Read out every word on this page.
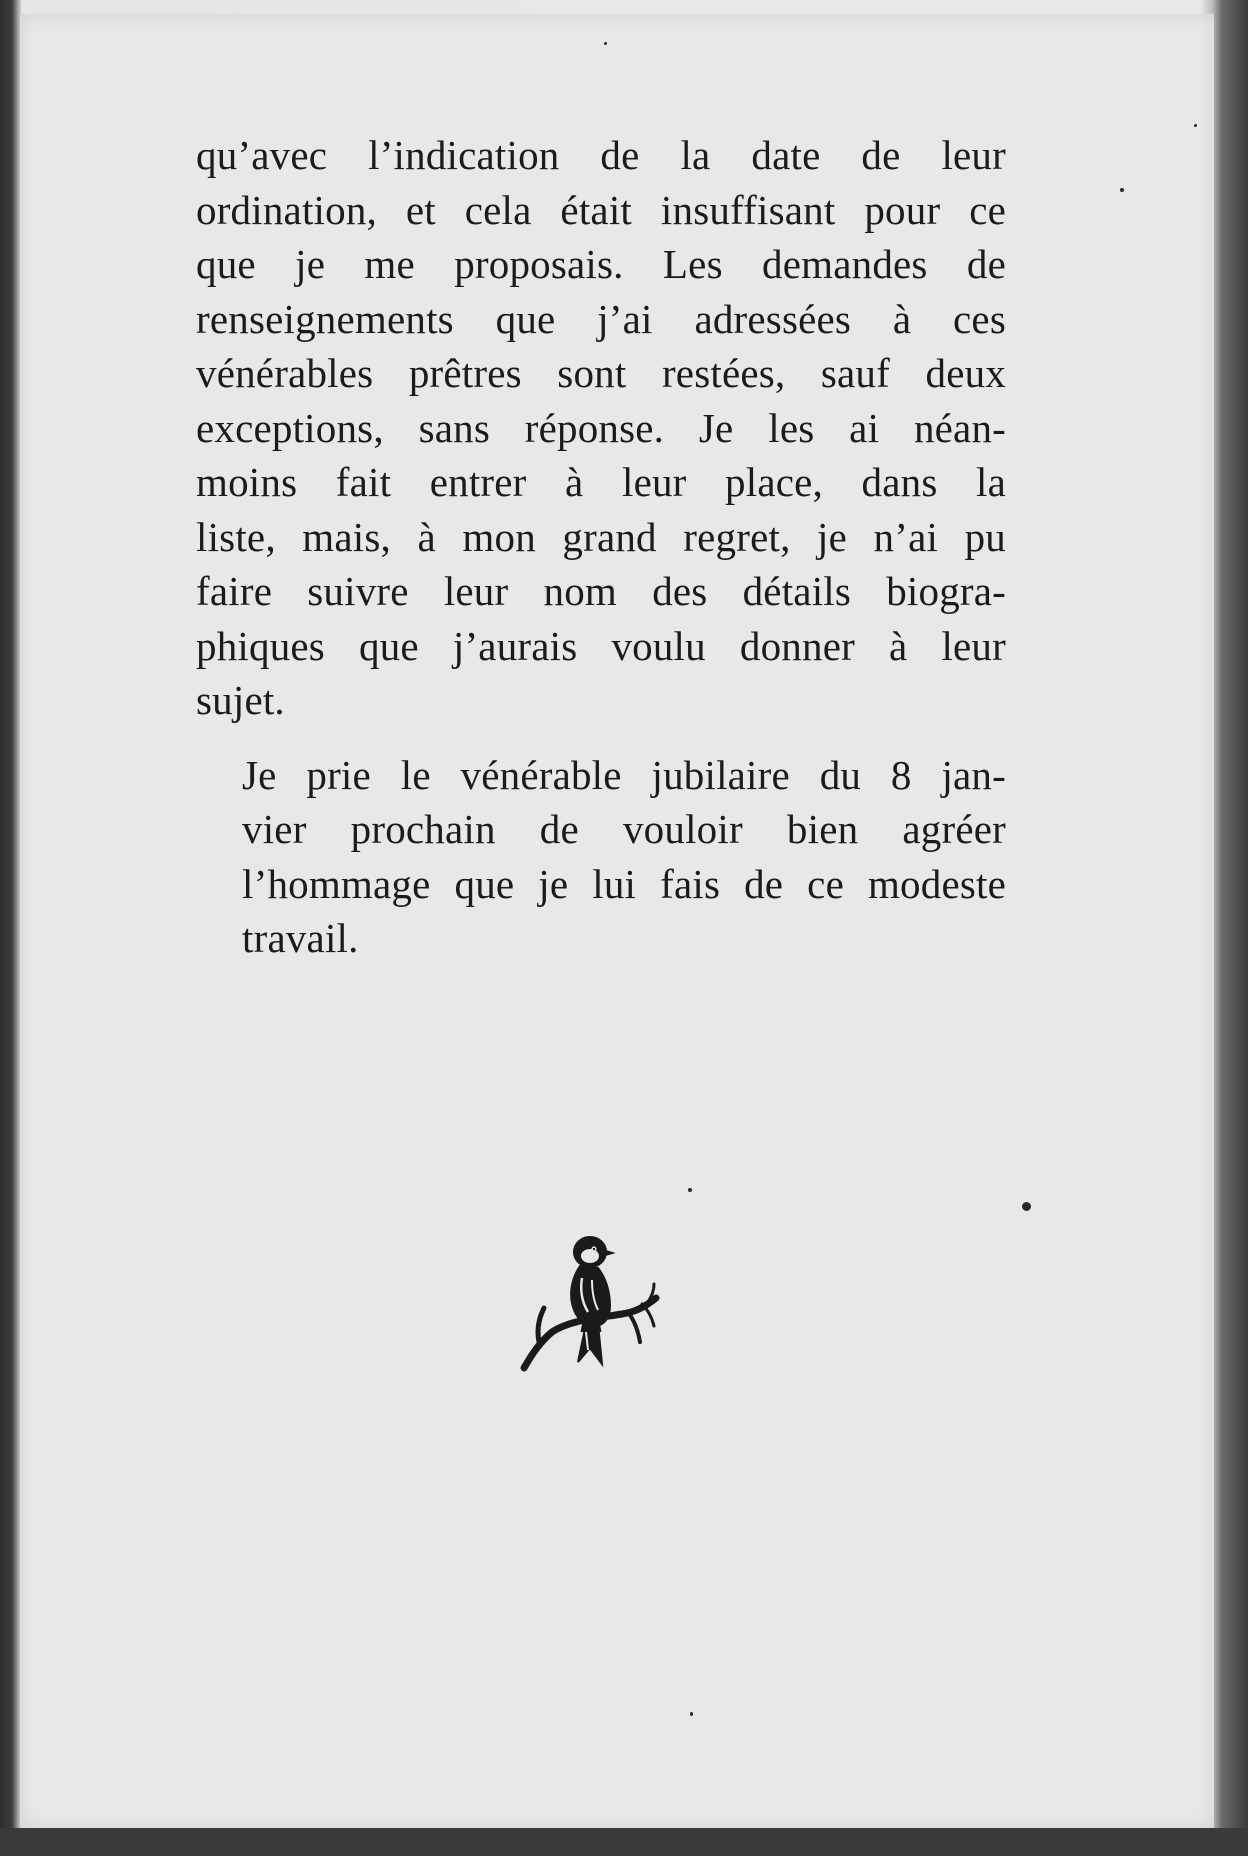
qu’avec l’indication de la date de leur
ordination, et cela était insuffisant pour ce
que je me proposais. Les demandes de
renseignements que j’ai adressées à ces
vénérables prêtres sont restées, sauf deux
exceptions, sans réponse. Je les ai néan-
moins fait entrer à leur place, dans la
liste, mais, à mon grand regret, je n’ai pu
faire suivre leur nom des détails biogra-
phiques que j’aurais voulu donner à leur
sujet.

Je prie le vénérable jubilaire du 8 jan-
vier prochain de vouloir bien agréer
l’hommage que je lui fais de ce modeste
travail.
